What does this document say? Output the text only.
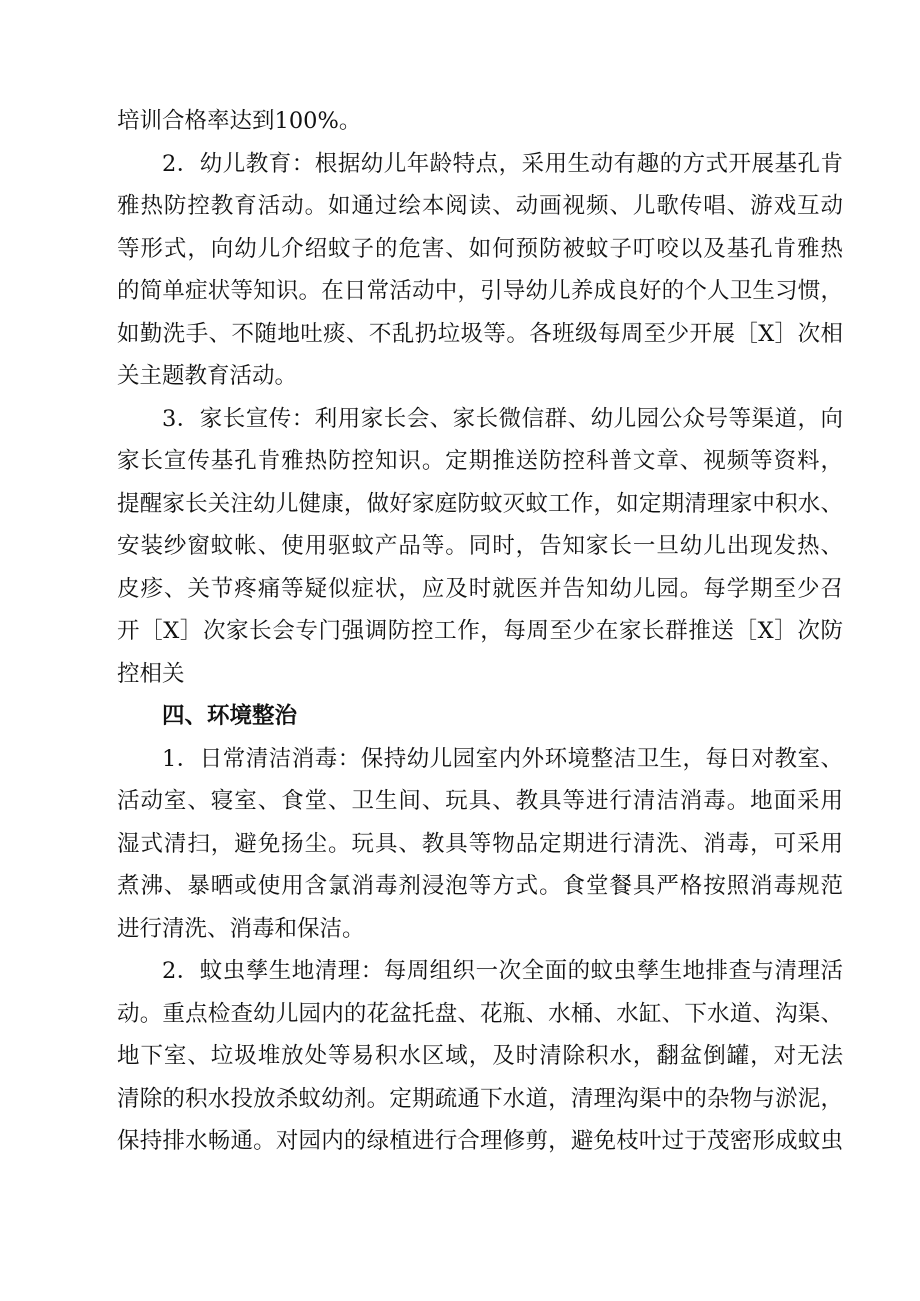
培训合格率达到100%。
2．幼儿教育：根据幼儿年龄特点，采用生动有趣的方式开展基孔肯
雅热防控教育活动。如通过绘本阅读、动画视频、儿歌传唱、游戏互动
等形式，向幼儿介绍蚊子的危害、如何预防被蚊子叮咬以及基孔肯雅热
的简单症状等知识。在日常活动中，引导幼儿养成良好的个人卫生习惯，
如勤洗手、不随地吐痰、不乱扔垃圾等。各班级每周至少开展［X］次相
关主题教育活动。
3．家长宣传：利用家长会、家长微信群、幼儿园公众号等渠道，向
家长宣传基孔肯雅热防控知识。定期推送防控科普文章、视频等资料，
提醒家长关注幼儿健康，做好家庭防蚊灭蚊工作，如定期清理家中积水、
安装纱窗蚊帐、使用驱蚊产品等。同时，告知家长一旦幼儿出现发热、
皮疹、关节疼痛等疑似症状，应及时就医并告知幼儿园。每学期至少召
开［X］次家长会专门强调防控工作，每周至少在家长群推送［X］次防
控相关
四、环境整治
1．日常清洁消毒：保持幼儿园室内外环境整洁卫生，每日对教室、
活动室、寝室、食堂、卫生间、玩具、教具等进行清洁消毒。地面采用
湿式清扫，避免扬尘。玩具、教具等物品定期进行清洗、消毒，可采用
煮沸、暴晒或使用含氯消毒剂浸泡等方式。食堂餐具严格按照消毒规范
进行清洗、消毒和保洁。
2．蚊虫孳生地清理：每周组织一次全面的蚊虫孳生地排查与清理活
动。重点检查幼儿园内的花盆托盘、花瓶、水桶、水缸、下水道、沟渠、
地下室、垃圾堆放处等易积水区域，及时清除积水，翻盆倒罐，对无法
清除的积水投放杀蚊幼剂。定期疏通下水道，清理沟渠中的杂物与淤泥，
保持排水畅通。对园内的绿植进行合理修剪，避免枝叶过于茂密形成蚊虫
